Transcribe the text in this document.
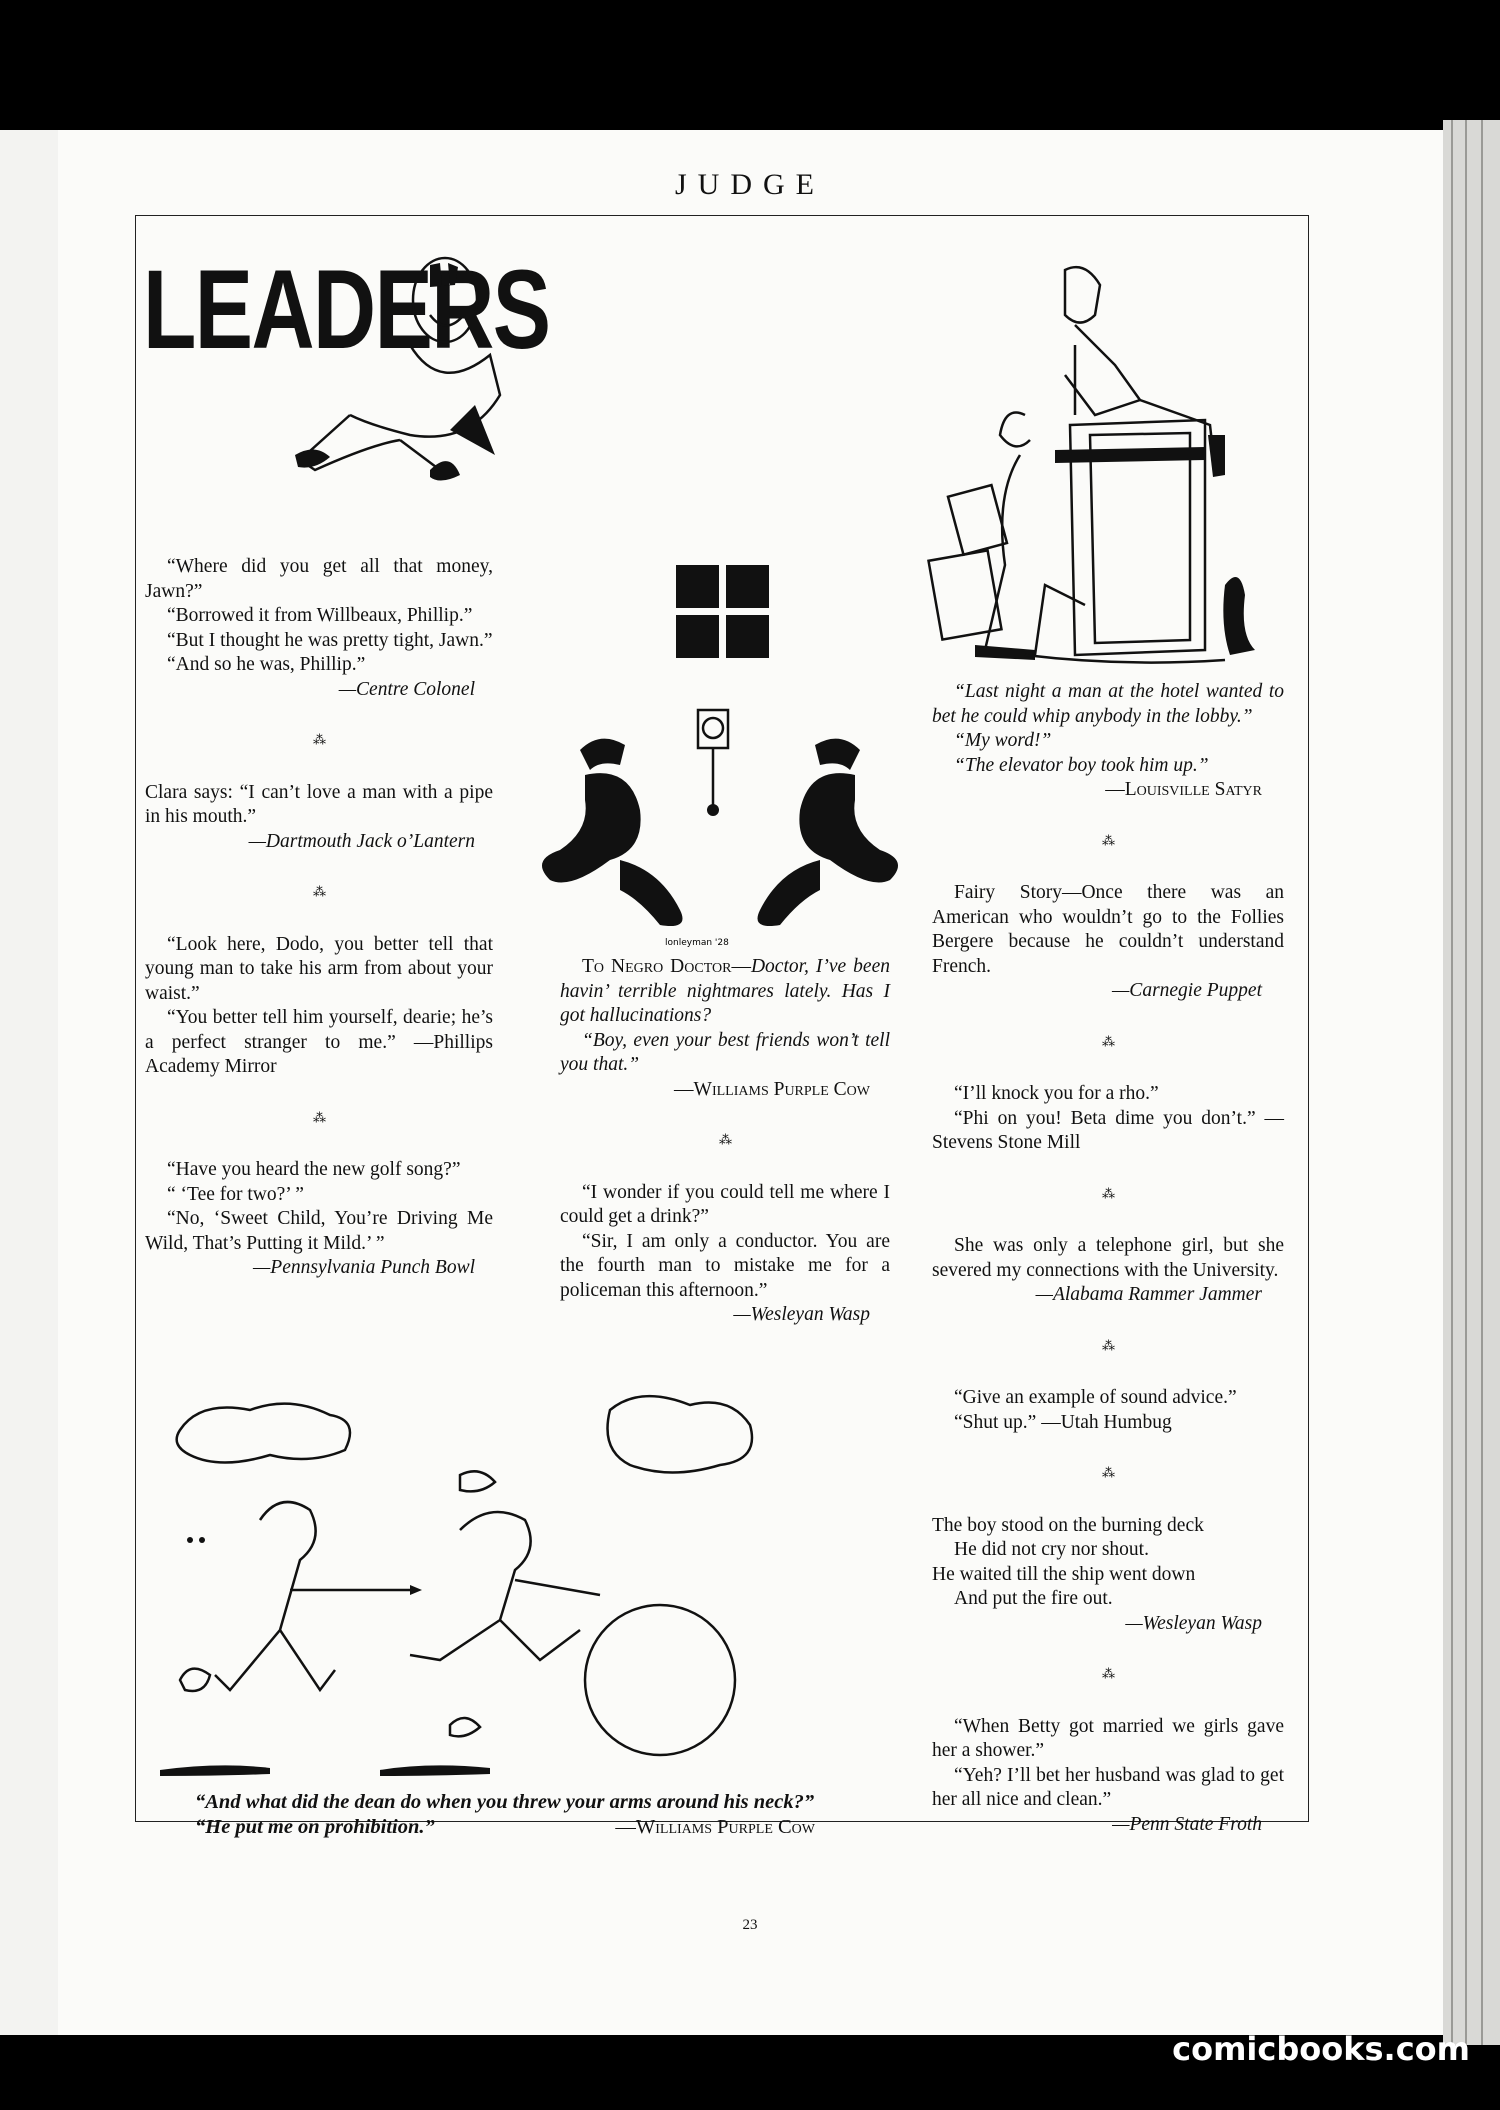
JUDGE
LEADERS
lonleyman '28

“Where did you get all that money, Jawn?”

“Borrowed it from Willbeaux, Phillip.”

“But I thought he was pretty tight, Jawn.”

“And so he was, Phillip.”

—Centre Colonel

⁂

Clara says: “I can’t love a man with a pipe in his mouth.”

—Dartmouth Jack o’Lantern

⁂

“Look here, Dodo, you better tell that young man to take his arm from about your waist.”

“You better tell him yourself, dearie; he’s a perfect stranger to me.” —Phillips Academy Mirror

⁂

“Have you heard the new golf song?”

“ ‘Tee for two?’ ”

“No, ‘Sweet Child, You’re Driving Me Wild, That’s Putting it Mild.’ ”

—Pennsylvania Punch Bowl

To Negro Doctor—Doctor, I’ve been havin’ terrible nightmares lately. Has I got hallucinations?

“Boy, even your best friends won’t tell you that.”

—Williams Purple Cow

⁂

“I wonder if you could tell me where I could get a drink?”

“Sir, I am only a conductor. You are the fourth man to mistake me for a policeman this afternoon.”

—Wesleyan Wasp

“Last night a man at the hotel wanted to bet he could whip anybody in the lobby.”

“My word!”

“The elevator boy took him up.”

—Louisville Satyr

⁂

Fairy Story—Once there was an American who wouldn’t go to the Follies Bergere because he couldn’t understand French.

—Carnegie Puppet

⁂

“I’ll knock you for a rho.”

“Phi on you! Beta dime you don’t.” —Stevens Stone Mill

⁂

She was only a telephone girl, but she severed my connections with the University.

—Alabama Rammer Jammer

⁂

“Give an example of sound advice.”

“Shut up.” —Utah Humbug

⁂

The boy stood on the burning deck

He did not cry nor shout.

He waited till the ship went down

And put the fire out.

—Wesleyan Wasp

⁂

“When Betty got married we girls gave her a shower.”

“Yeh? I’ll bet her husband was glad to get her all nice and clean.”

—Penn State Froth

“And what did the dean do when you threw your arms around his neck?”
“He put me on prohibition.”	—Williams Purple Cow
23
comicbooks.com
